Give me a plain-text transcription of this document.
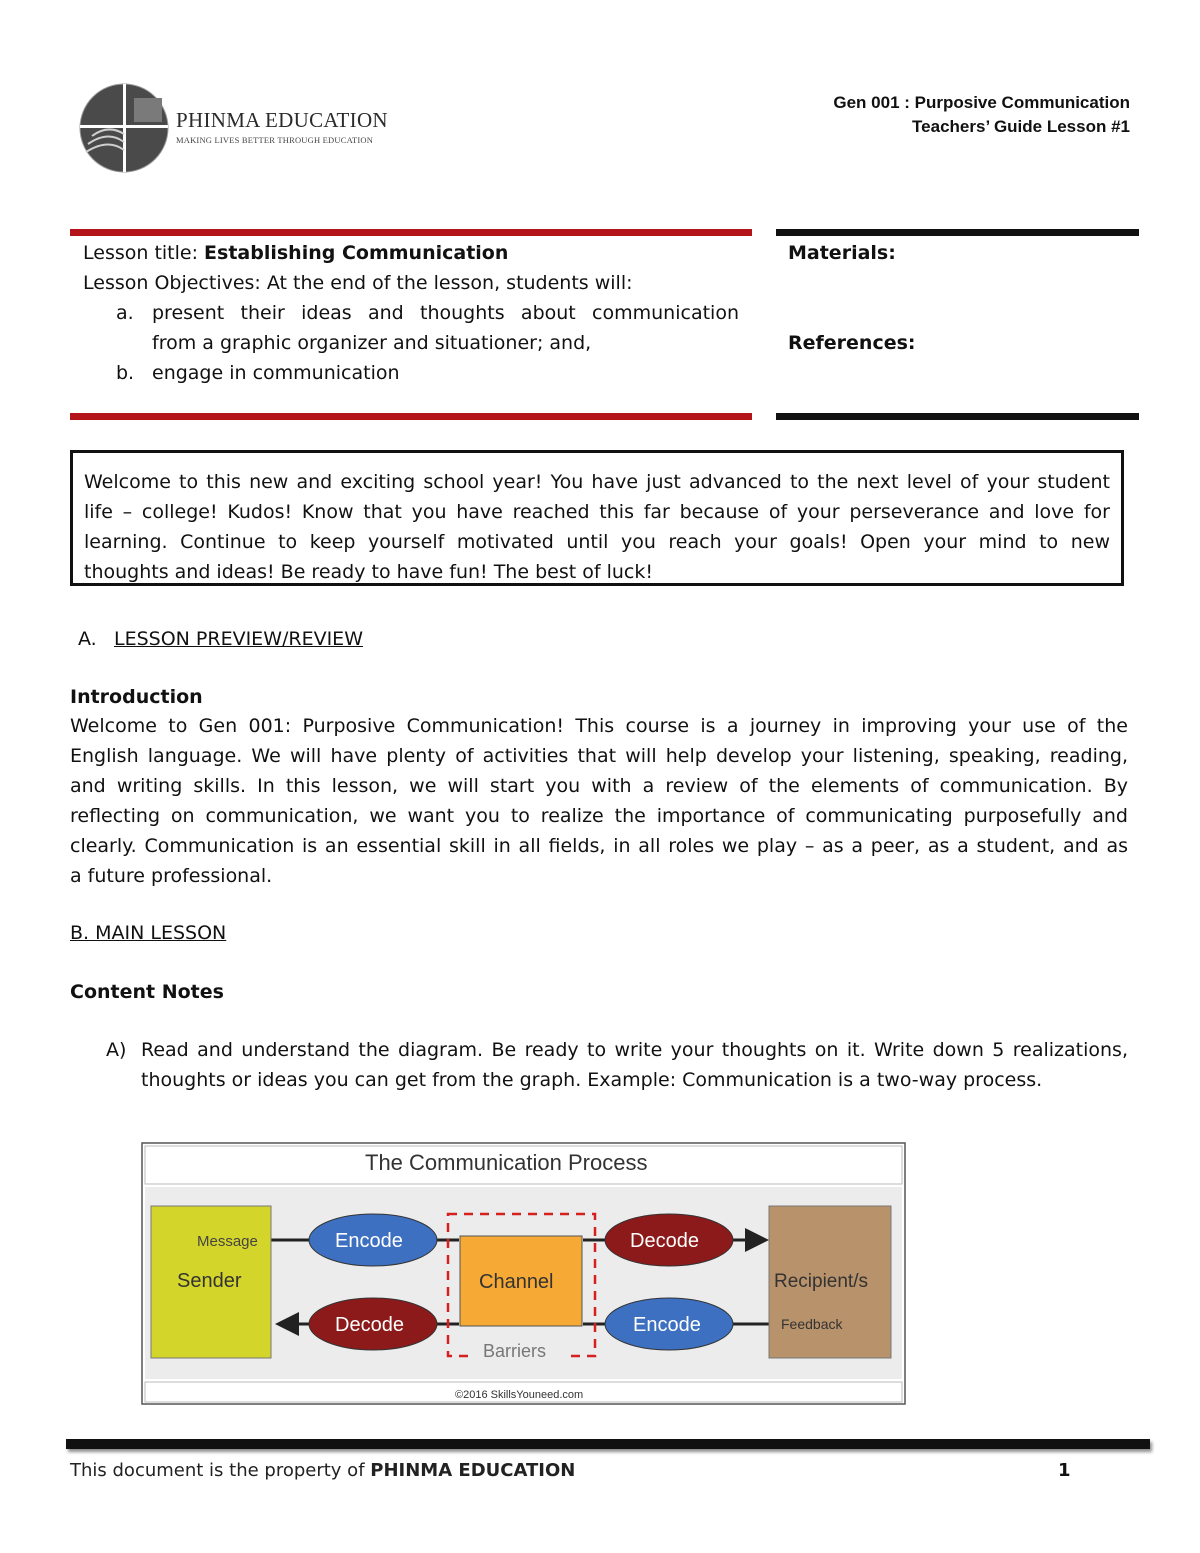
PHINMA EDUCATION
MAKING LIVES BETTER THROUGH EDUCATION
Gen 001 : Purposive Communication
Teachers’ Guide Lesson #1
Lesson title: Establishing Communication
Lesson Objectives: At the end of the lesson, students will:
a. present their ideas and thoughts about communication
from a graphic organizer and situationer; and,
b. engage in communication
Materials:
References:
Welcome to this new and exciting school year! You have just advanced to the next level of your student
life – college! Kudos! Know that you have reached this far because of your perseverance and love for
learning. Continue to keep yourself motivated until you reach your goals! Open your mind to new
thoughts and ideas! Be ready to have fun! The best of luck!
A. LESSON PREVIEW/REVIEW
Introduction
Welcome to Gen 001: Purposive Communication! This course is a journey in improving your use of the
English language. We will have plenty of activities that will help develop your listening, speaking, reading,
and writing skills. In this lesson, we will start you with a review of the elements of communication. By
reflecting on communication, we want you to realize the importance of communicating purposefully and
clearly. Communication is an essential skill in all fields, in all roles we play – as a peer, as a student, and as
a future professional.
B. MAIN LESSON
Content Notes
A) Read and understand the diagram. Be ready to write your thoughts on it. Write down 5 realizations,
thoughts or ideas you can get from the graph. Example: Communication is a two-way process.
The Communication Process
Message
Sender
Encode
Decode
Channel
Barriers
Decode
Encode
Recipient/s
Feedback
©2016 SkillsYouneed.com
This document is the property of PHINMA EDUCATION	1
